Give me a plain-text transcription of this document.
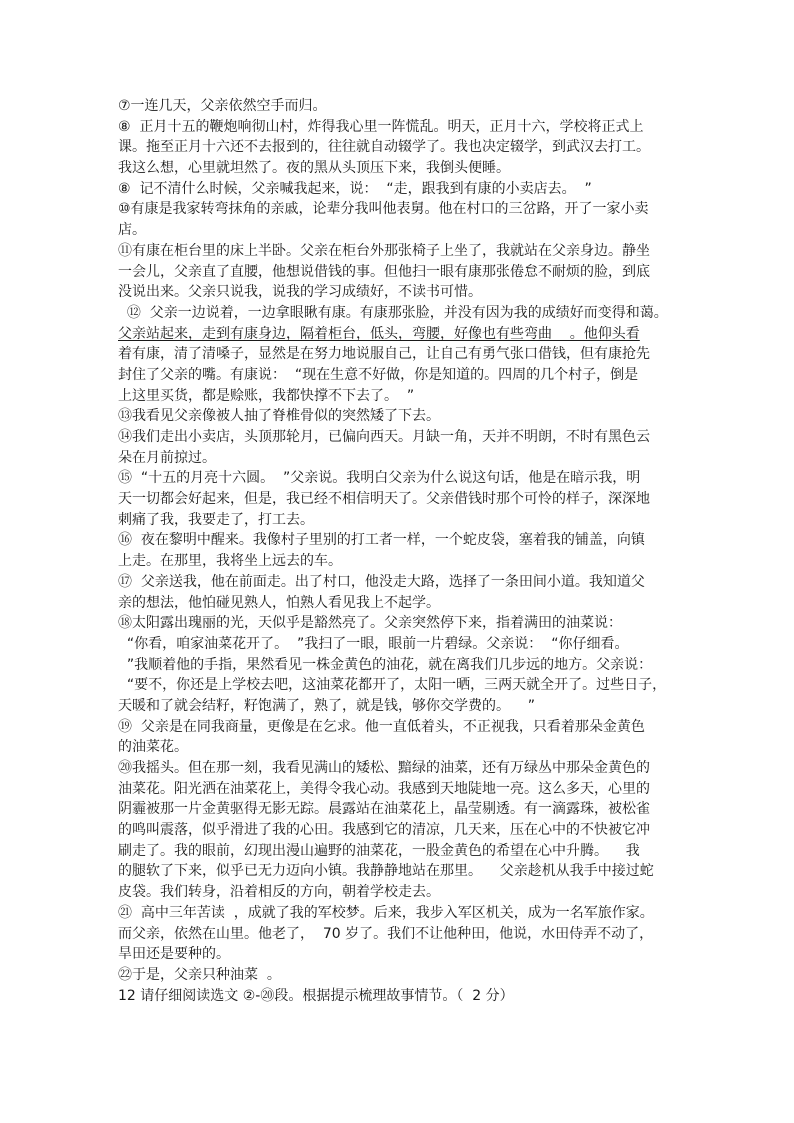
⑦一连几天，父亲依然空手而归。
⑧  正月十五的鞭炮响彻山村，炸得我心里一阵慌乱。明天，正月十六，学校将正式上
课。拖至正月十六还不去报到的，往往就自动辍学了。我也决定辍学，到武汉去打工。
我这么想，心里就坦然了。夜的黑从头顶压下来，我倒头便睡。
⑧  记不清什么时候，父亲喊我起来，说：  “走，跟我到有康的小卖店去。  ”
⑩有康是我家转弯抹角的亲戚，论辈分我叫他表舅。他在村口的三岔路，开了一家小卖
店。
⑪有康在柜台里的床上半卧。父亲在柜台外那张椅子上坐了，我就站在父亲身边。静坐
一会儿，父亲直了直腰，他想说借钱的事。但他扫一眼有康那张倦怠不耐烦的脸，到底
没说出来。父亲只说我，说我的学习成绩好，不读书可惜。
⑫  父亲一边说着，一边拿眼瞅有康。有康那张脸，并没有因为我的成绩好而变得和蔼。
父亲站起来，走到有康身边，隔着柜台，低头，弯腰，好像也有些弯曲    。他仰头看
着有康，清了清嗓子，显然是在努力地说服自己，让自己有勇气张口借钱，但有康抢先
封住了父亲的嘴。有康说：  “现在生意不好做，你是知道的。四周的几个村子，倒是
上这里买货，都是赊账，我都快撑不下去了。  ”
⑬我看见父亲像被人抽了脊椎骨似的突然矮了下去。
⑭我们走出小卖店，头顶那轮月，已偏向西天。月缺一角，天并不明朗，不时有黑色云
朵在月前掠过。
⑮  “十五的月亮十六圆。  ”父亲说。我明白父亲为什么说这句话，他是在暗示我，明
天一切都会好起来，但是，我已经不相信明天了。父亲借钱时那个可怜的样子，深深地
刺痛了我，我要走了，打工去。
⑯  夜在黎明中醒来。我像村子里别的打工者一样，一个蛇皮袋，塞着我的铺盖，向镇
上走。在那里，我将坐上远去的车。
⑰  父亲送我，他在前面走。出了村口，他没走大路，选择了一条田间小道。我知道父
亲的想法，他怕碰见熟人，怕熟人看见我上不起学。
⑱太阳露出瑰丽的光，天似乎是豁然亮了。父亲突然停下来，指着满田的油菜说：
“你看，咱家油菜花开了。  ”我扫了一眼，眼前一片碧绿。父亲说：  “你仔细看。
”我顺着他的手指，果然看见一株金黄色的油花，就在离我们几步远的地方。父亲说：
“要不，你还是上学校去吧，这油菜花都开了，太阳一晒，三两天就全开了。过些日子，
天暖和了就会结籽，籽饱满了，熟了，就是钱，够你交学费的。    ”
⑲  父亲是在同我商量，更像是在乞求。他一直低着头，不正视我，只看着那朵金黄色
的油菜花。
⑳我摇头。但在那一刻，我看见满山的矮松、黯绿的油菜，还有万绿丛中那朵金黄色的
油菜花。阳光洒在油菜花上，美得令我心动。我感到天地陡地一亮。这么多天，心里的
阴霾被那一片金黄驱得无影无踪。晨露站在油菜花上，晶莹剔透。有一滴露珠，被松雀
的鸣叫震落，似乎滑进了我的心田。我感到它的清凉，几天来，压在心中的不快被它冲
刷走了。我的眼前，幻现出漫山遍野的油菜花，一股金黄色的希望在心中升腾。    我
的腿软了下来，似乎已无力迈向小镇。我静静地站在那里。    父亲趁机从我手中接过蛇
皮袋。我们转身，沿着相反的方向，朝着学校走去。
㉑  高中三年苦读  ，成就了我的军校梦。后来，我步入军区机关，成为一名军旅作家。
而父亲，依然在山里。他老了，  70 岁了。我们不让他种田，他说，水田侍弄不动了，
旱田还是要种的。
㉒于是，父亲只种油菜  。
12 请仔细阅读选文 ②-⑳段。根据提示梳理故事情节。（  2 分）
